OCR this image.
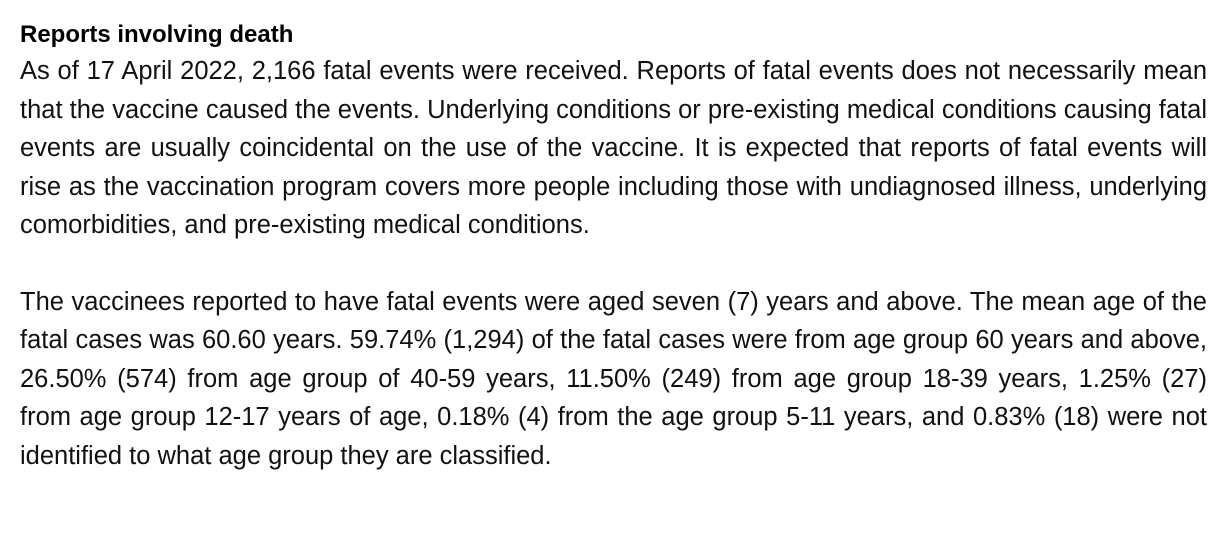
Reports involving death

As of 17 April 2022, 2,166 fatal events were received. Reports of fatal events does not necessarily mean that the vaccine caused the events. Underlying conditions or pre-existing medical conditions causing fatal events are usually coincidental on the use of the vaccine. It is expected that reports of fatal events will rise as the vaccination program covers more people including those with undiagnosed illness, underlying comorbidities, and pre-existing medical conditions.

The vaccinees reported to have fatal events were aged seven (7) years and above. The mean age of the fatal cases was 60.60 years. 59.74% (1,294) of the fatal cases were from age group 60 years and above, 26.50% (574) from age group of 40-59 years, 11.50% (249) from age group 18-39 years, 1.25% (27) from age group 12-17 years of age, 0.18% (4) from the age group 5-11 years, and 0.83% (18) were not identified to what age group they are classified.
